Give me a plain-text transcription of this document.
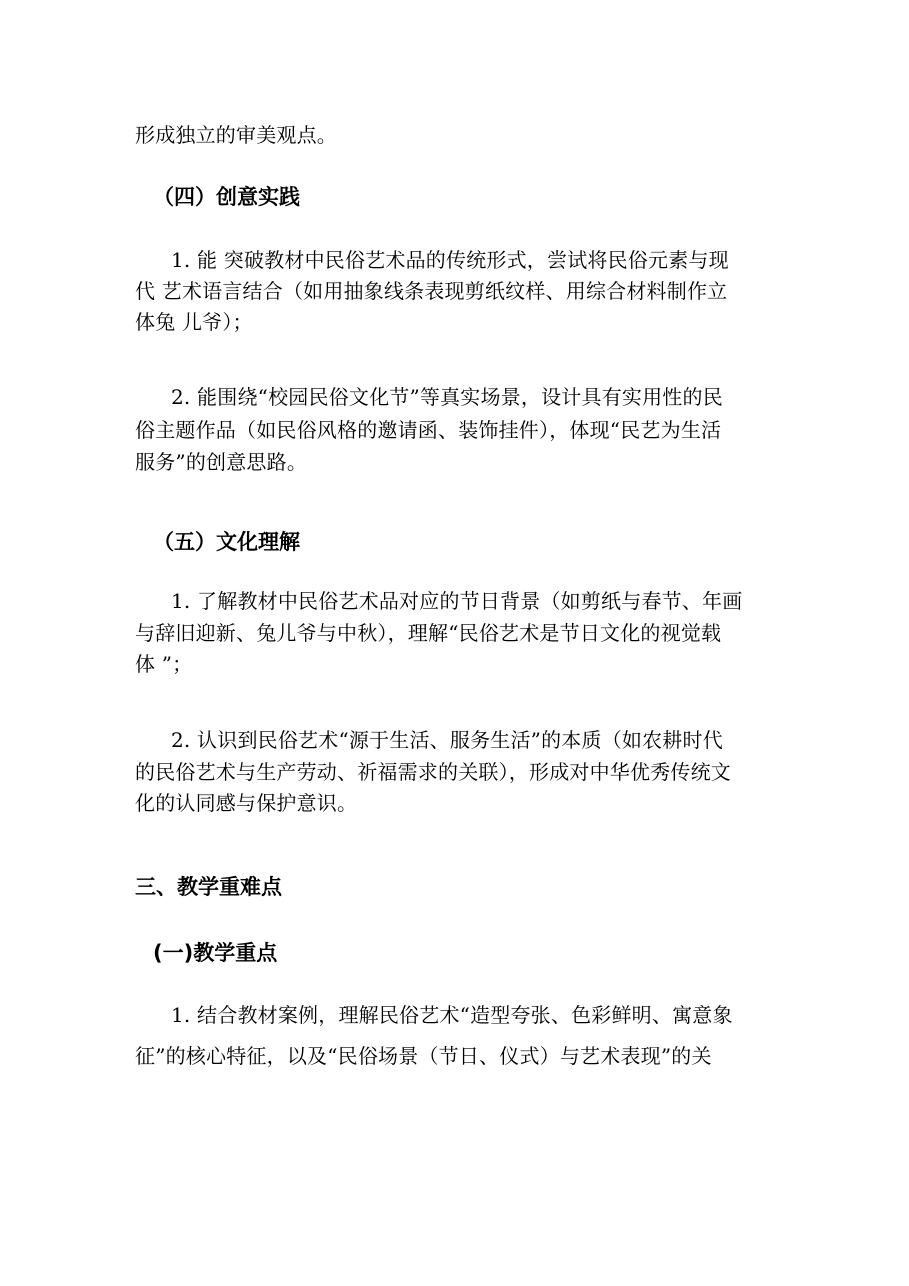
形成独立的审美观点。
（四）创意实践
1. 能 突破教材中民俗艺术品的传统形式，尝试将民俗元素与现
代 艺术语言结合（如用抽象线条表现剪纸纹样、用综合材料制作立
体兔 儿爷）；
2. 能围绕“校园民俗文化节”等真实场景，设计具有实用性的民
俗主题作品（如民俗风格的邀请函、装饰挂件），体现“民艺为生活
服务”的创意思路。
（五）文化理解
1. 了解教材中民俗艺术品对应的节日背景（如剪纸与春节、年画
与辞旧迎新、兔儿爷与中秋），理解“民俗艺术是节日文化的视觉载
体 ”；
2. 认识到民俗艺术“源于生活、服务生活”的本质（如农耕时代
的民俗艺术与生产劳动、祈福需求的关联），形成对中华优秀传统文
化的认同感与保护意识。
三、教学重难点
(一)教学重点
1. 结合教材案例，理解民俗艺术“造型夸张、色彩鲜明、寓意象
征”的核心特征，以及“民俗场景（节日、仪式）与艺术表现”的关
